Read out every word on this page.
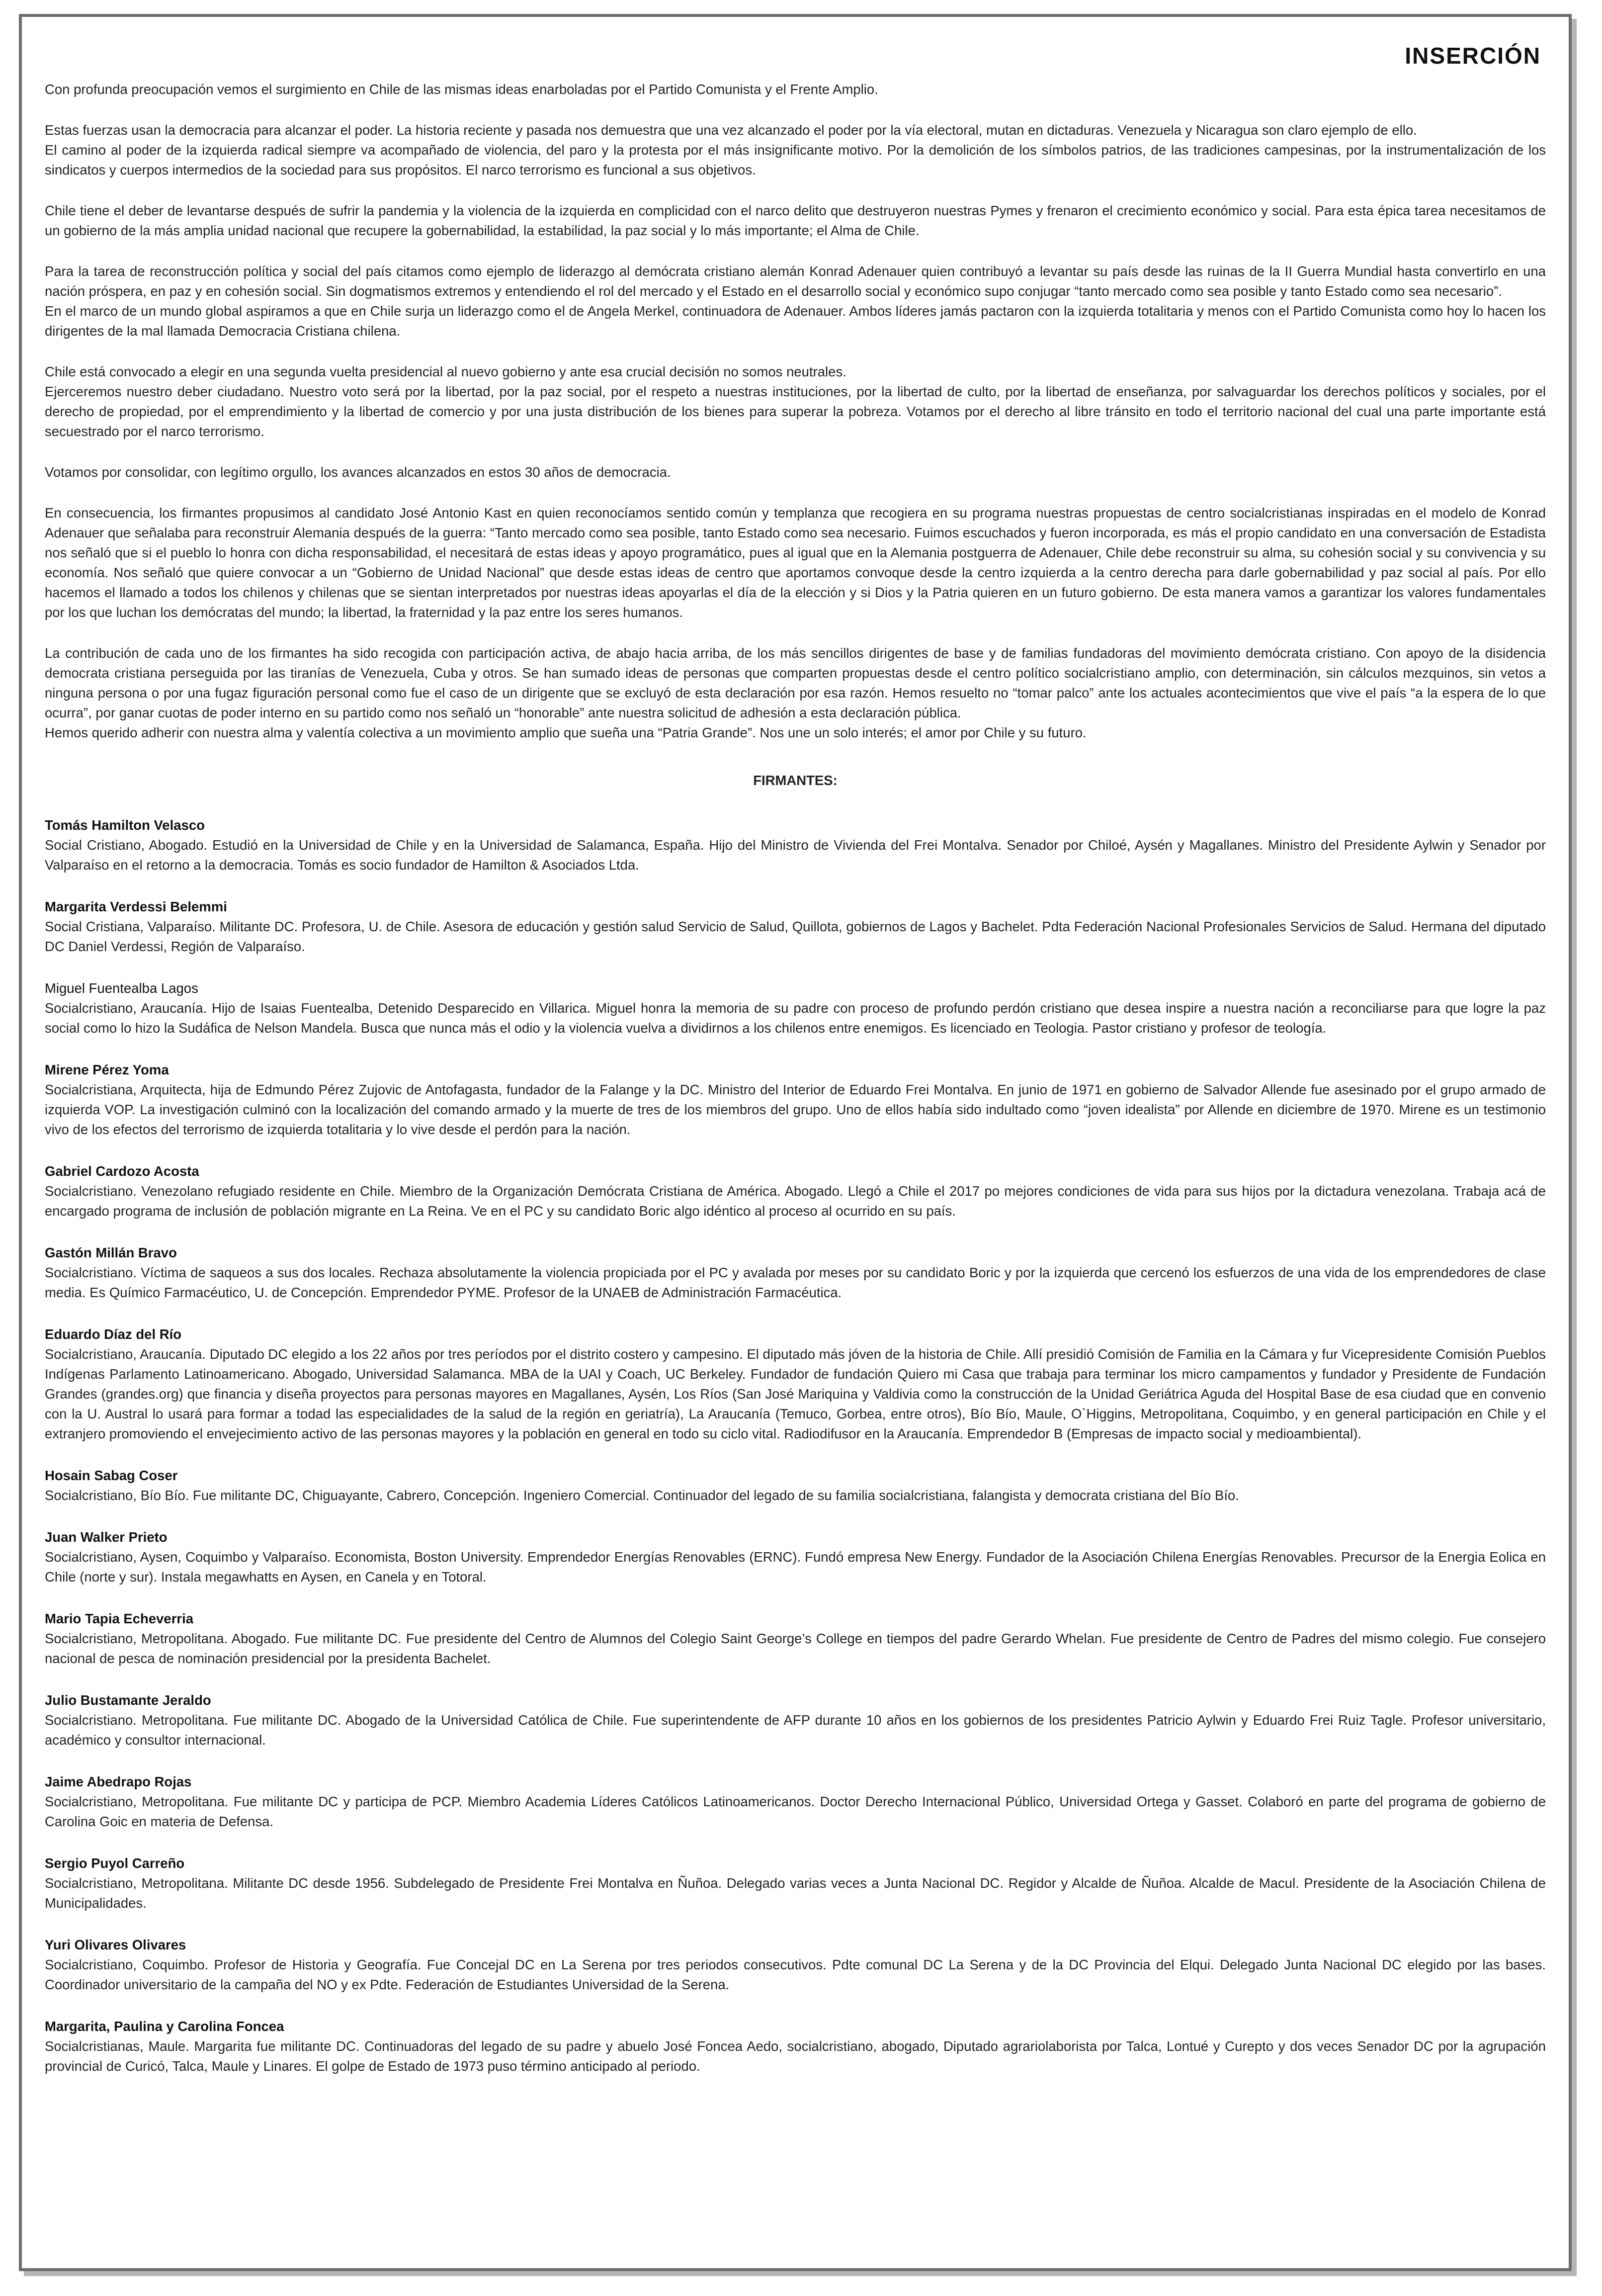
INSERCIÓN

Con profunda preocupación vemos el surgimiento en Chile de las mismas ideas enarboladas por el Partido Comunista y el Frente Amplio.

Estas fuerzas usan la democracia para alcanzar el poder. La historia reciente y pasada nos demuestra que una vez alcanzado el poder por la vía electoral, mutan en dictaduras. Venezuela y Nicaragua son claro ejemplo de ello.

El camino al poder de la izquierda radical siempre va acompañado de violencia, del paro y la protesta por el más insignificante motivo. Por la demolición de los símbolos patrios, de las tradiciones campesinas, por la instrumentalización de los sindicatos y cuerpos intermedios de la sociedad para sus propósitos. El narco terrorismo es funcional a sus objetivos.

Chile tiene el deber de levantarse después de sufrir la pandemia y la violencia de la izquierda en complicidad con el narco delito que destruyeron nuestras Pymes y frenaron el crecimiento económico y social. Para esta épica tarea necesitamos de un gobierno de la más amplia unidad nacional que recupere la gobernabilidad, la estabilidad, la paz social y lo más importante; el Alma de Chile.

Para la tarea de reconstrucción política y social del país citamos como ejemplo de liderazgo al demócrata cristiano alemán Konrad Adenauer quien contribuyó a levantar su país desde las ruinas de la II Guerra Mundial hasta convertirlo en una nación próspera, en paz y en cohesión social. Sin dogmatismos extremos y entendiendo el rol del mercado y el Estado en el desarrollo social y económico supo conjugar “tanto mercado como sea posible y tanto Estado como sea necesario”.

En el marco de un mundo global aspiramos a que en Chile surja un liderazgo como el de Angela Merkel, continuadora de Adenauer. Ambos líderes jamás pactaron con la izquierda totalitaria y menos con el Partido Comunista como hoy lo hacen los dirigentes de la mal llamada Democracia Cristiana chilena.

Chile está convocado a elegir en una segunda vuelta presidencial al nuevo gobierno y ante esa crucial decisión no somos neutrales.

Ejerceremos nuestro deber ciudadano. Nuestro voto será por la libertad, por la paz social, por el respeto a nuestras instituciones, por la libertad de culto, por la libertad de enseñanza, por salvaguardar los derechos políticos y sociales, por el derecho de propiedad, por el emprendimiento y la libertad de comercio y por una justa distribución de los bienes para superar la pobreza. Votamos por el derecho al libre tránsito en todo el territorio nacional del cual una parte importante está secuestrado por el narco terrorismo.

Votamos por consolidar, con legítimo orgullo, los avances alcanzados en estos 30 años de democracia.

En consecuencia, los firmantes propusimos al candidato José Antonio Kast en quien reconocíamos sentido común y templanza que recogiera en su programa nuestras propuestas de centro socialcristianas inspiradas en el modelo de Konrad Adenauer que señalaba para reconstruir Alemania después de la guerra: “Tanto mercado como sea posible, tanto Estado como sea necesario. Fuimos escuchados y fueron incorporada, es más el propio candidato en una conversación de Estadista nos señaló que si el pueblo lo honra con dicha responsabilidad, el necesitará de estas ideas y apoyo programático, pues al igual que en la Alemania postguerra de Adenauer, Chile debe reconstruir su alma, su cohesión social y su convivencia y su economía. Nos señaló que quiere convocar a un “Gobierno de Unidad Nacional” que desde estas ideas de centro que aportamos convoque desde la centro izquierda a la centro derecha para darle gobernabilidad y paz social al país. Por ello hacemos el llamado a todos los chilenos y chilenas que se sientan interpretados por nuestras ideas apoyarlas el día de la elección y si Dios y la Patria quieren en un futuro gobierno. De esta manera vamos a garantizar los valores fundamentales por los que luchan los demócratas del mundo; la libertad, la fraternidad y la paz entre los seres humanos.

La contribución de cada uno de los firmantes ha sido recogida con participación activa, de abajo hacia arriba, de los más sencillos dirigentes de base y de familias fundadoras del movimiento demócrata cristiano. Con apoyo de la disidencia democrata cristiana perseguida por las tiranías de Venezuela, Cuba y otros. Se han sumado ideas de personas que comparten propuestas desde el centro político socialcristiano amplio, con determinación, sin cálculos mezquinos, sin vetos a ninguna persona o por una fugaz figuración personal como fue el caso de un dirigente que se excluyó de esta declaración por esa razón. Hemos resuelto no “tomar palco” ante los actuales acontecimientos que vive el país “a la espera de lo que ocurra”, por ganar cuotas de poder interno en su partido como nos señaló un “honorable” ante nuestra solicitud de adhesión a esta declaración pública.

Hemos querido adherir con nuestra alma y valentía colectiva a un movimiento amplio que sueña una “Patria Grande”. Nos une un solo interés; el amor por Chile y su futuro.

FIRMANTES:
Tomás Hamilton Velasco

Social Cristiano, Abogado. Estudió en la Universidad de Chile y en la Universidad de Salamanca, España. Hijo del Ministro de Vivienda del Frei Montalva. Senador por Chiloé, Aysén y Magallanes. Ministro del Presidente Aylwin y Senador por Valparaíso en el retorno a la democracia. Tomás es socio fundador de Hamilton & Asociados Ltda.

Margarita Verdessi Belemmi

Social Cristiana, Valparaíso. Militante DC. Profesora, U. de Chile. Asesora de educación y gestión salud Servicio de Salud, Quillota, gobiernos de Lagos y Bachelet. Pdta Federación Nacional Profesionales Servicios de Salud. Hermana del diputado DC Daniel Verdessi, Región de Valparaíso.

Miguel Fuentealba Lagos

Socialcristiano, Araucanía. Hijo de Isaias Fuentealba, Detenido Desparecido en Villarica. Miguel honra la memoria de su padre con proceso de profundo perdón cristiano que desea inspire a nuestra nación a reconciliarse para que logre la paz social como lo hizo la Sudáfica de Nelson Mandela. Busca que nunca más el odio y la violencia vuelva a dividirnos a los chilenos entre enemigos. Es licenciado en Teologia. Pastor cristiano y profesor de teología.

Mirene Pérez Yoma

Socialcristiana, Arquitecta, hija de Edmundo Pérez Zujovic de Antofagasta, fundador de la Falange y la DC. Ministro del Interior de Eduardo Frei Montalva. En junio de 1971 en gobierno de Salvador Allende fue asesinado por el grupo armado de izquierda VOP. La investigación culminó con la localización del comando armado y la muerte de tres de los miembros del grupo. Uno de ellos había sido indultado como “joven idealista” por Allende en diciembre de 1970. Mirene es un testimonio vivo de los efectos del terrorismo de izquierda totalitaria y lo vive desde el perdón para la nación.

Gabriel Cardozo Acosta

Socialcristiano. Venezolano refugiado residente en Chile. Miembro de la Organización Demócrata Cristiana de América. Abogado. Llegó a Chile el 2017 po mejores condiciones de vida para sus hijos por la dictadura venezolana. Trabaja acá de encargado programa de inclusión de población migrante en La Reina. Ve en el PC y su candidato Boric algo idéntico al proceso al ocurrido en su país.

Gastón Millán Bravo

Socialcristiano. Víctima de saqueos a sus dos locales. Rechaza absolutamente la violencia propiciada por el PC y avalada por meses por su candidato Boric y por la izquierda que cercenó los esfuerzos de una vida de los emprendedores de clase media. Es Químico Farmacéutico, U. de Concepción. Emprendedor PYME. Profesor de la UNAEB de Administración Farmacéutica.

Eduardo Díaz del Río

Socialcristiano, Araucanía. Diputado DC elegido a los 22 años por tres períodos por el distrito costero y campesino. El diputado más jóven de la historia de Chile. Allí presidió Comisión de Familia en la Cámara y fur Vicepresidente Comisión Pueblos Indígenas Parlamento Latinoamericano. Abogado, Universidad Salamanca. MBA de la UAI y Coach, UC Berkeley. Fundador de fundación Quiero mi Casa que trabaja para terminar los micro campamentos y fundador y Presidente de Fundación Grandes (grandes.org) que financia y diseña proyectos para personas mayores en Magallanes, Aysén, Los Ríos (San José Mariquina y Valdivia como la construcción de la Unidad Geriátrica Aguda del Hospital Base de esa ciudad que en convenio con la U. Austral lo usará para formar a todad las especialidades de la salud de la región en geriatría), La Araucanía (Temuco, Gorbea, entre otros), Bío Bío, Maule, O`Higgins, Metropolitana, Coquimbo, y en general participación en Chile y el extranjero promoviendo el envejecimiento activo de las personas mayores y la población en general en todo su ciclo vital. Radiodifusor en la Araucanía. Emprendedor B (Empresas de impacto social y medioambiental).

Hosain Sabag Coser

Socialcristiano, Bío Bío. Fue militante DC, Chiguayante, Cabrero, Concepción. Ingeniero Comercial. Continuador del legado de su familia socialcristiana, falangista y democrata cristiana del Bío Bío.

Juan Walker Prieto

Socialcristiano, Aysen, Coquimbo y Valparaíso. Economista, Boston University. Emprendedor Energías Renovables (ERNC). Fundó empresa New Energy. Fundador de la Asociación Chilena Energías Renovables. Precursor de la Energia Eolica en Chile (norte y sur). Instala megawhatts en Aysen, en Canela y en Totoral.

Mario Tapia Echeverria

Socialcristiano, Metropolitana. Abogado. Fue militante DC. Fue presidente del Centro de Alumnos del Colegio Saint George’s College en tiempos del padre Gerardo Whelan. Fue presidente de Centro de Padres del mismo colegio. Fue consejero nacional de pesca de nominación presidencial por la presidenta Bachelet.

Julio Bustamante Jeraldo

Socialcristiano. Metropolitana. Fue militante DC. Abogado de la Universidad Católica de Chile. Fue superintendente de AFP durante 10 años en los gobiernos de los presidentes Patricio Aylwin y Eduardo Frei Ruiz Tagle. Profesor universitario, académico y consultor internacional.

Jaime Abedrapo Rojas

Socialcristiano, Metropolitana. Fue militante DC y participa de PCP. Miembro Academia Líderes Católicos Latinoamericanos. Doctor Derecho Internacional Público, Universidad Ortega y Gasset. Colaboró en parte del programa de gobierno de Carolina Goic en materia de Defensa.

Sergio Puyol Carreño

Socialcristiano, Metropolitana. Militante DC desde 1956. Subdelegado de Presidente Frei Montalva en Ñuñoa. Delegado varias veces a Junta Nacional DC. Regidor y Alcalde de Ñuñoa. Alcalde de Macul. Presidente de la Asociación Chilena de Municipalidades.

Yuri Olivares Olivares

Socialcristiano, Coquimbo. Profesor de Historia y Geografía. Fue Concejal DC en La Serena por tres periodos consecutivos. Pdte comunal DC La Serena y de la DC Provincia del Elqui. Delegado Junta Nacional DC elegido por las bases. Coordinador universitario de la campaña del NO y ex Pdte. Federación de Estudiantes Universidad de la Serena.

Margarita, Paulina y Carolina Foncea

Socialcristianas, Maule. Margarita fue militante DC. Continuadoras del legado de su padre y abuelo José Foncea Aedo, socialcristiano, abogado, Diputado agrariolaborista por Talca, Lontué y Curepto y dos veces Senador DC por la agrupación provincial de Curicó, Talca, Maule y Linares. El golpe de Estado de 1973 puso término anticipado al periodo.
